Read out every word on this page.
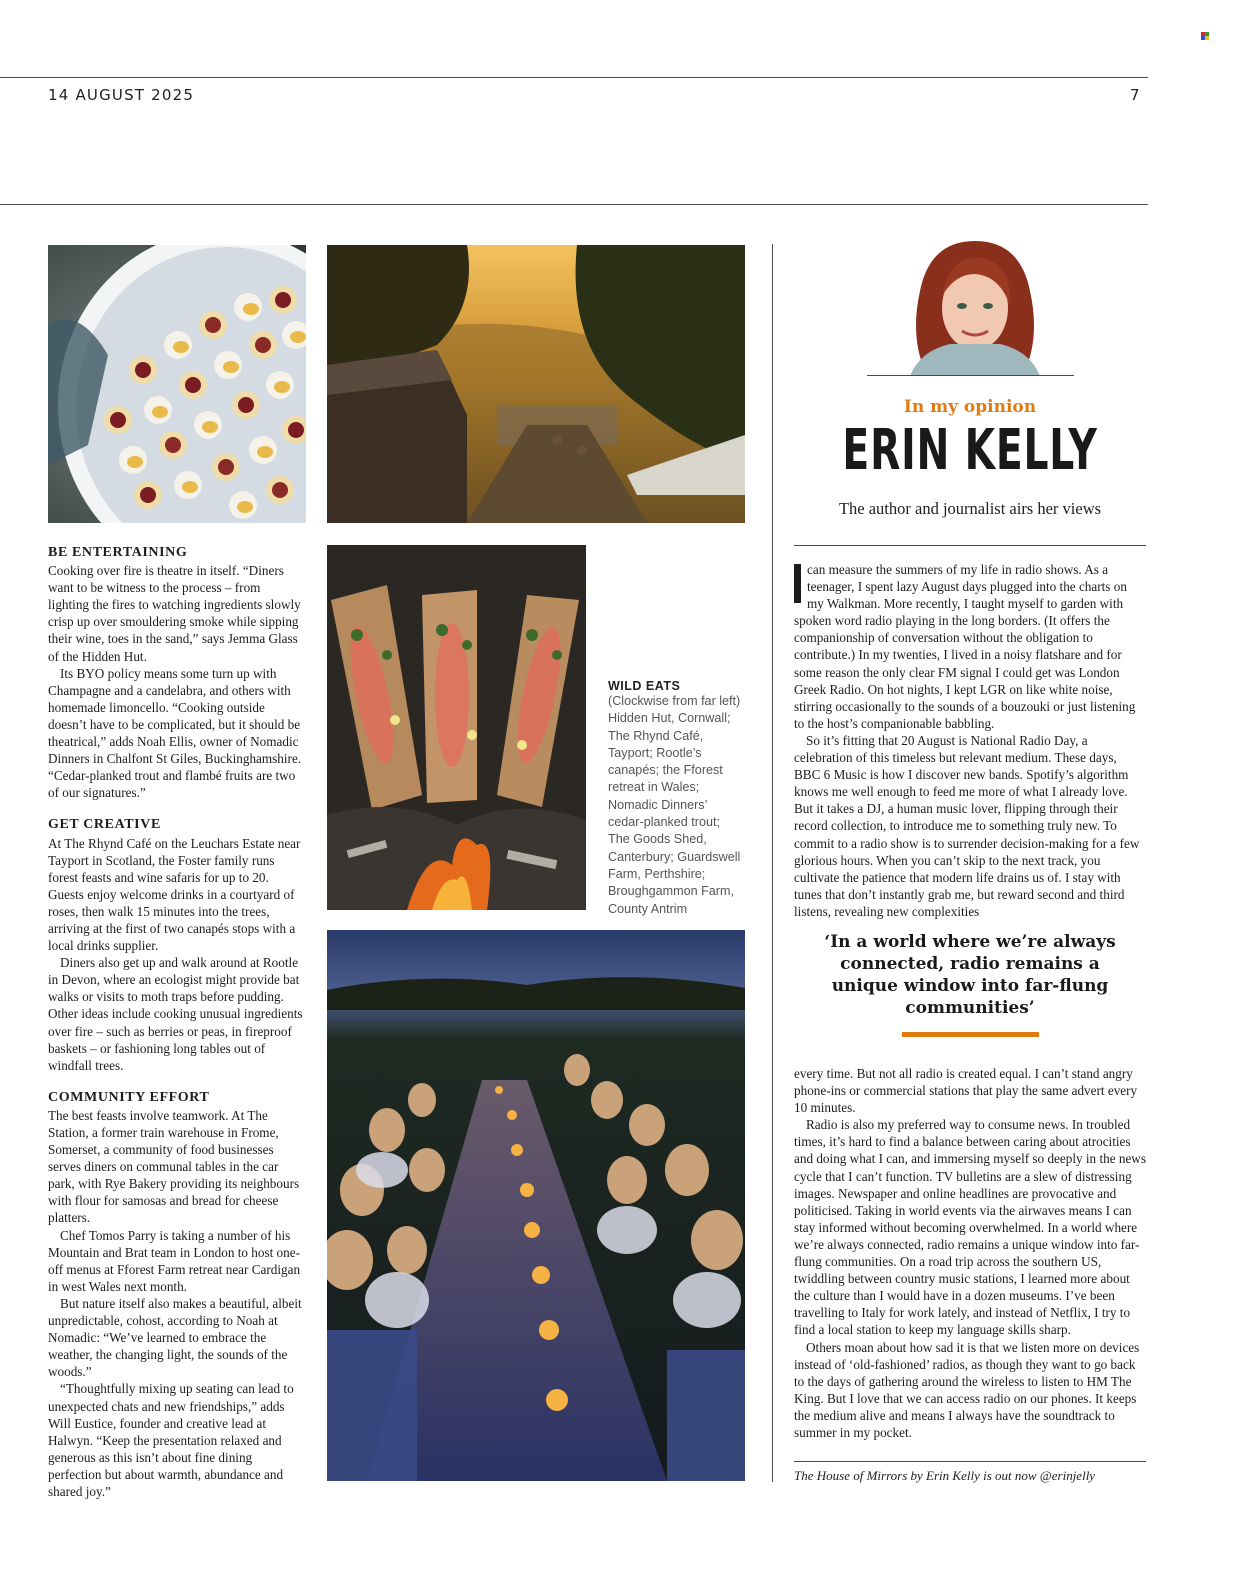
14 AUGUST 2025	7
BE ENTERTAINING

Cooking over fire is theatre in itself. “Diners want to be witness to the process – from lighting the fires to watching ingredients slowly crisp up over smouldering smoke while sipping their wine, toes in the sand,” says Jemma Glass of the Hidden Hut.

Its BYO policy means some turn up with Champagne and a candelabra, and others with homemade limoncello. “Cooking outside doesn’t have to be complicated, but it should be theatrical,” adds Noah Ellis, owner of Nomadic Dinners in Chalfont St Giles, Buckinghamshire. “Cedar-planked trout and flambé fruits are two of our signatures.”

GET CREATIVE

At The Rhynd Café on the Leuchars Estate near Tayport in Scotland, the Foster family runs forest feasts and wine safaris for up to 20. Guests enjoy welcome drinks in a courtyard of roses, then walk 15 minutes into the trees, arriving at the first of two canapés stops with a local drinks supplier.

Diners also get up and walk around at Rootle in Devon, where an ecologist might provide bat walks or visits to moth traps before pudding. Other ideas include cooking unusual ingredients over fire – such as berries or peas, in fireproof baskets – or fashioning long tables out of windfall trees.

COMMUNITY EFFORT

The best feasts involve teamwork. At The Station, a former train warehouse in Frome, Somerset, a community of food businesses serves diners on communal tables in the car park, with Rye Bakery providing its neighbours with flour for samosas and bread for cheese platters.

Chef Tomos Parry is taking a number of his Mountain and Brat team in London to host one-off menus at Fforest Farm retreat near Cardigan in west Wales next month.

But nature itself also makes a beautiful, albeit unpredictable, cohost, according to Noah at Nomadic: “We’ve learned to embrace the weather, the changing light, the sounds of the woods.”

“Thoughtfully mixing up seating can lead to unexpected chats and new friendships,” adds Will Eustice, founder and creative lead at Halwyn. “Keep the presentation relaxed and generous as this isn’t about fine dining perfection but about warmth, abundance and shared joy.”

WILD EATS
(Clockwise from far left) Hidden Hut, Cornwall; The Rhynd Café, Tayport; Rootle’s canapés; the Fforest retreat in Wales; Nomadic Dinners’ cedar-planked trout; The Goods Shed, Canterbury; Guardswell Farm, Perthshire; Broughgammon Farm, County Antrim
In my opinion
ERIN KELLY
The author and journalist airs her views

can measure the summers of my life in radio shows. As a teenager, I spent lazy August days plugged into the charts on my Walkman. More recently, I taught myself to garden with spoken word radio playing in the long borders. (It offers the companionship of conversation without the obligation to contribute.) In my twenties, I lived in a noisy flatshare and for some reason the only clear FM signal I could get was London Greek Radio. On hot nights, I kept LGR on like white noise, stirring occasionally to the sounds of a bouzouki or just listening to the host’s companionable babbling.

So it’s fitting that 20 August is National Radio Day, a celebration of this timeless but relevant medium. These days, BBC 6 Music is how I discover new bands. Spotify’s algorithm knows me well enough to feed me more of what I already love. But it takes a DJ, a human music lover, flipping through their record collection, to introduce me to something truly new. To commit to a radio show is to surrender decision-making for a few glorious hours. When you can’t skip to the next track, you cultivate the patience that modern life drains us of. I stay with tunes that don’t instantly grab me, but reward second and third listens, revealing new complexities

‘In a world where we’re always connected, radio remains a unique window into far-flung communities’

every time. But not all radio is created equal. I can’t stand angry phone-ins or commercial stations that play the same advert every 10 minutes.

Radio is also my preferred way to consume news. In troubled times, it’s hard to find a balance between caring about atrocities and doing what I can, and immersing myself so deeply in the news cycle that I can’t function. TV bulletins are a slew of distressing images. Newspaper and online headlines are provocative and politicised. Taking in world events via the airwaves means I can stay informed without becoming overwhelmed. In a world where we’re always connected, radio remains a unique window into far-flung communities. On a road trip across the southern US, twiddling between country music stations, I learned more about the culture than I would have in a dozen museums. I’ve been travelling to Italy for work lately, and instead of Netflix, I try to find a local station to keep my language skills sharp.

Others moan about how sad it is that we listen more on devices instead of ‘old-fashioned’ radios, as though they want to go back to the days of gathering around the wireless to listen to HM The King. But I love that we can access radio on our phones. It keeps the medium alive and means I always have the soundtrack to summer in my pocket.

The House of Mirrors by Erin Kelly is out now @erinjelly
